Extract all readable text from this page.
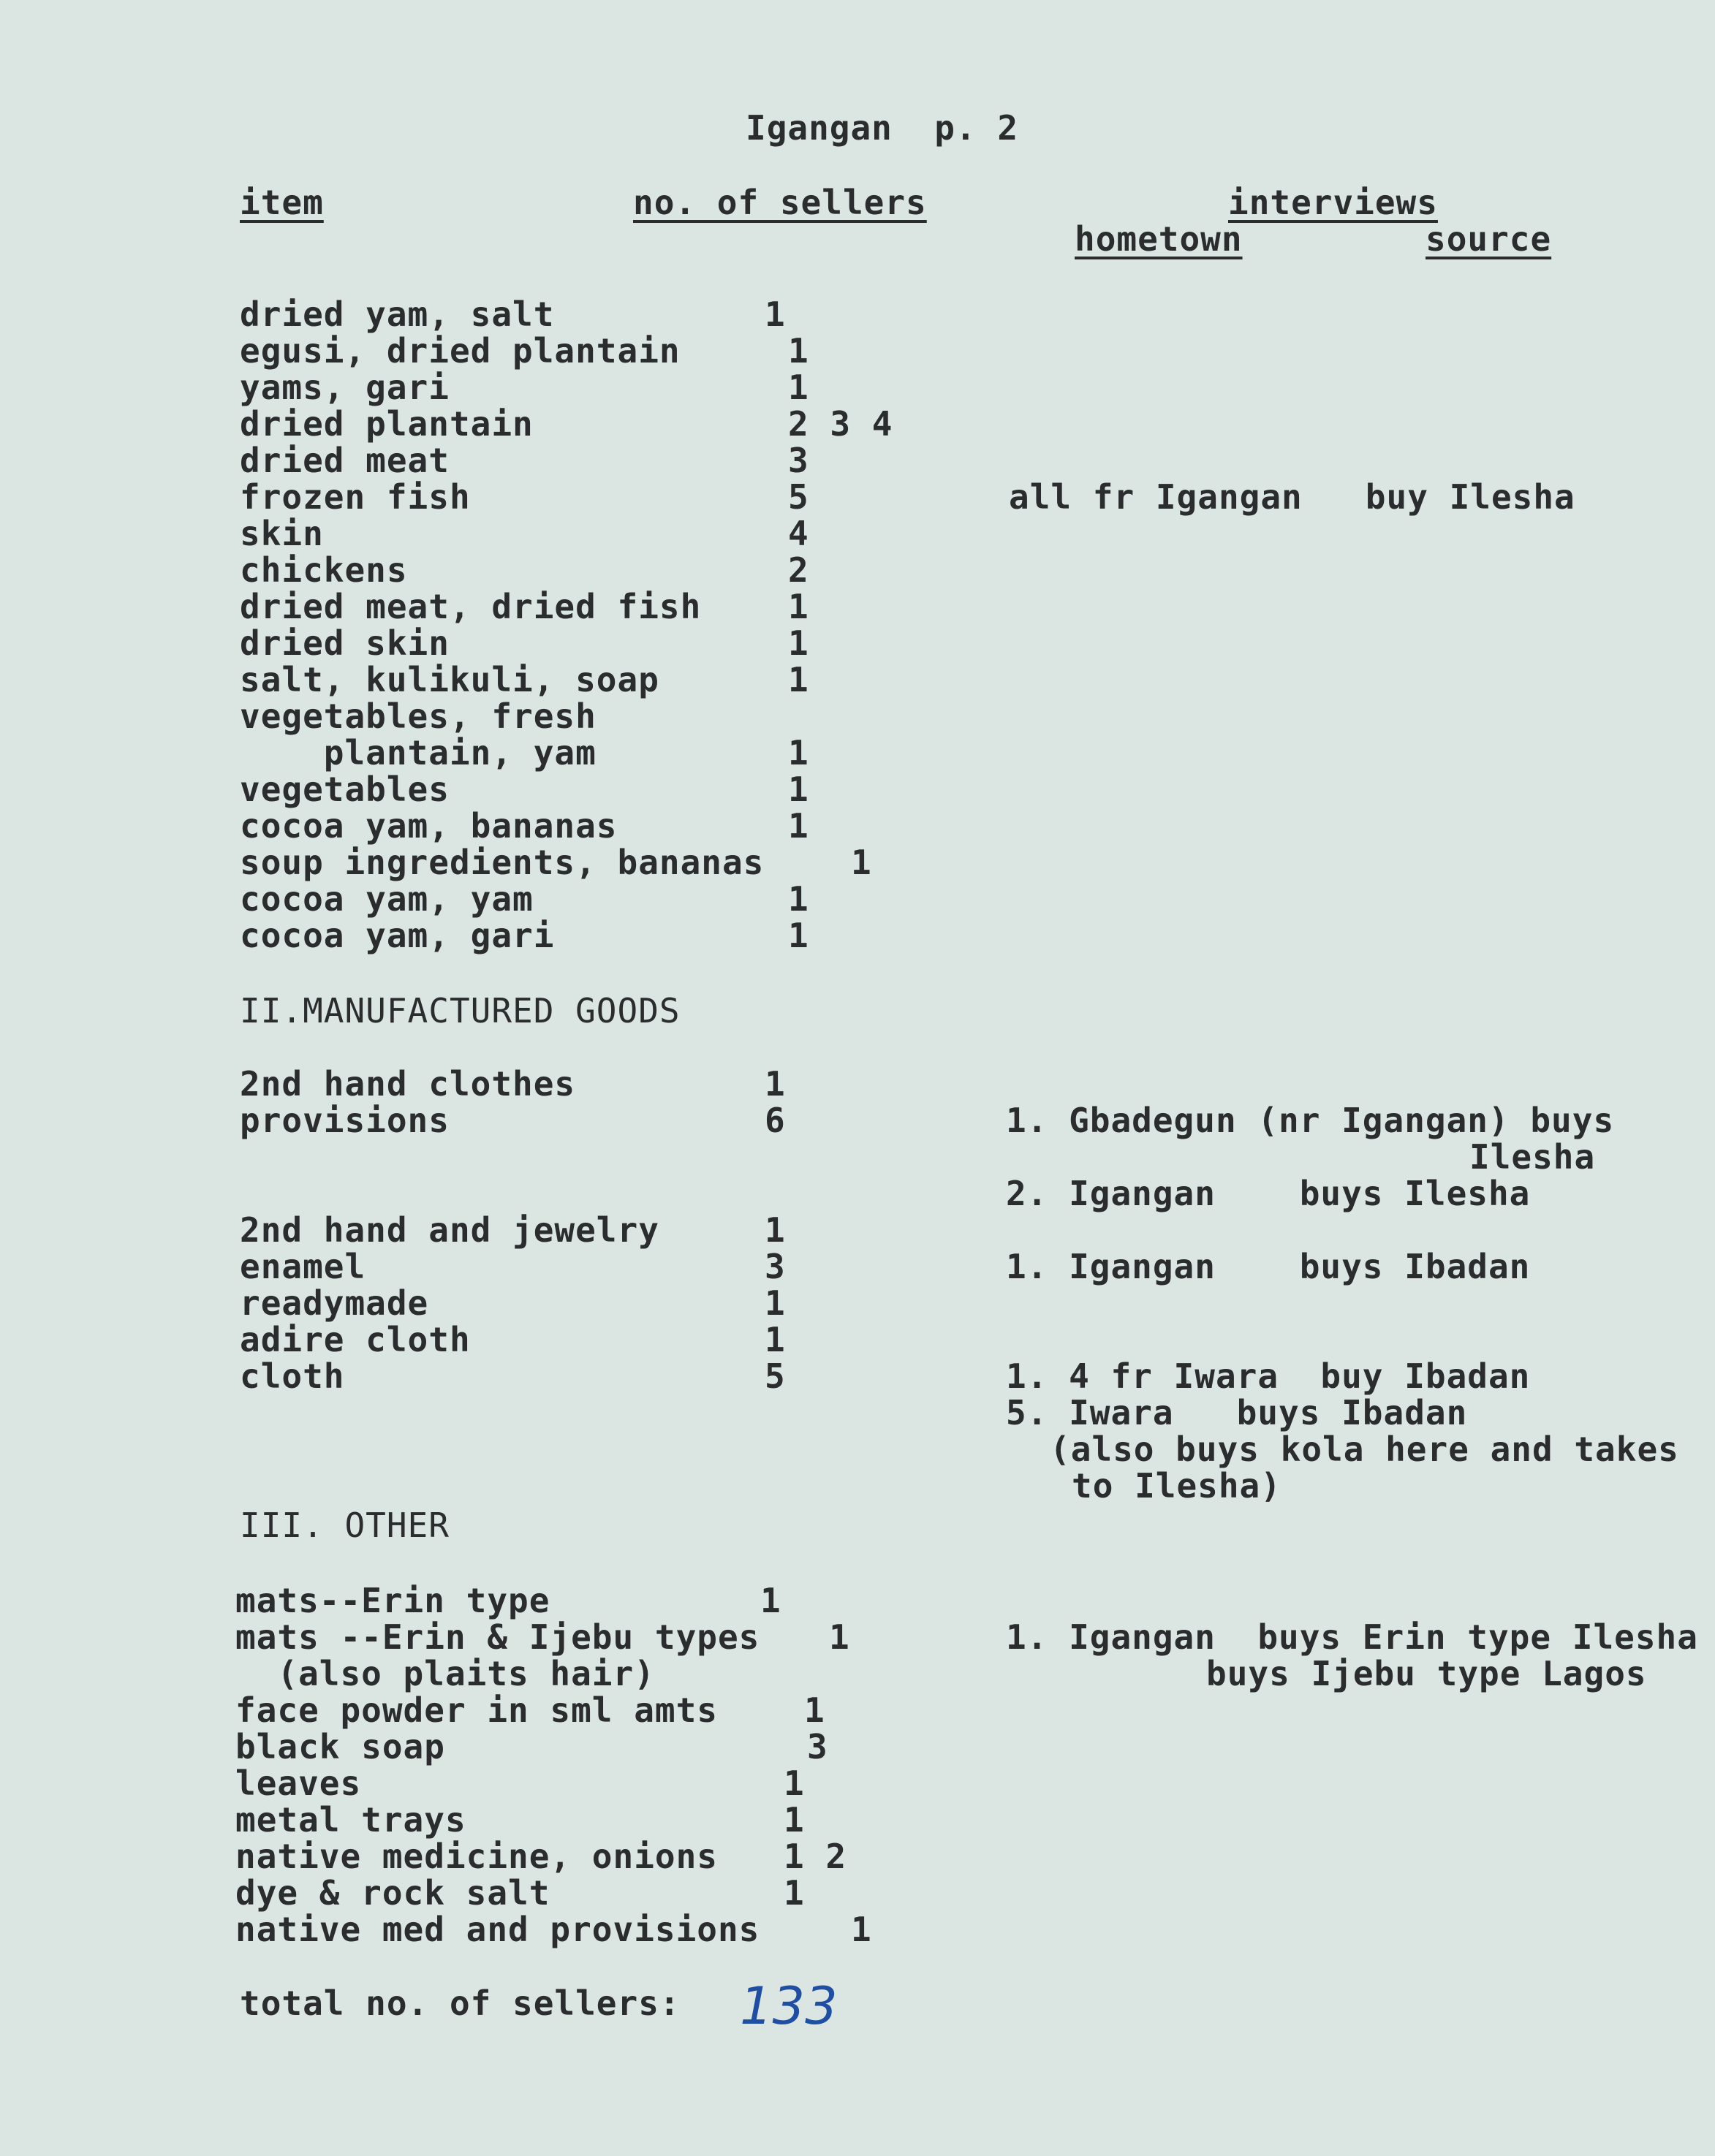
Igangan  p. 2
item	no. of sellers	interviews
hometown	source
dried yam, salt	1
egusi, dried plantain	1
yams, gari	1
dried plantain	2 3 4
dried meat	3
frozen fish	5	all fr Igangan   buy Ilesha
skin	4
chickens	2
dried meat, dried fish	1
dried skin	1
salt, kulikuli, soap	1
vegetables, fresh
plantain, yam	1
vegetables	1
cocoa yam, bananas	1
soup ingredients, bananas	1
cocoa yam, yam	1
cocoa yam, gari	1
II.MANUFACTURED GOODS
2nd hand clothes	1
provisions	6	1. Gbadegun (nr Igangan) buys
Ilesha
2. Igangan    buys Ilesha
2nd hand and jewelry	1
enamel	3	1. Igangan    buys Ibadan
readymade	1
adire cloth	1
cloth	5	1. 4 fr Iwara  buy Ibadan
5. Iwara   buys Ibadan
(also buys kola here and takes
to Ilesha)
III. OTHER
mats--Erin type	1
mats --Erin & Ijebu types 1	1. Igangan  buys Erin type Ilesha
(also plaits hair)	buys Ijebu type Lagos
face powder in sml amts	1
black soap	3
leaves	1
metal trays	1
native medicine, onions 1 2
dye & rock salt	1
native med and provisions	1
total no. of sellers: 133
